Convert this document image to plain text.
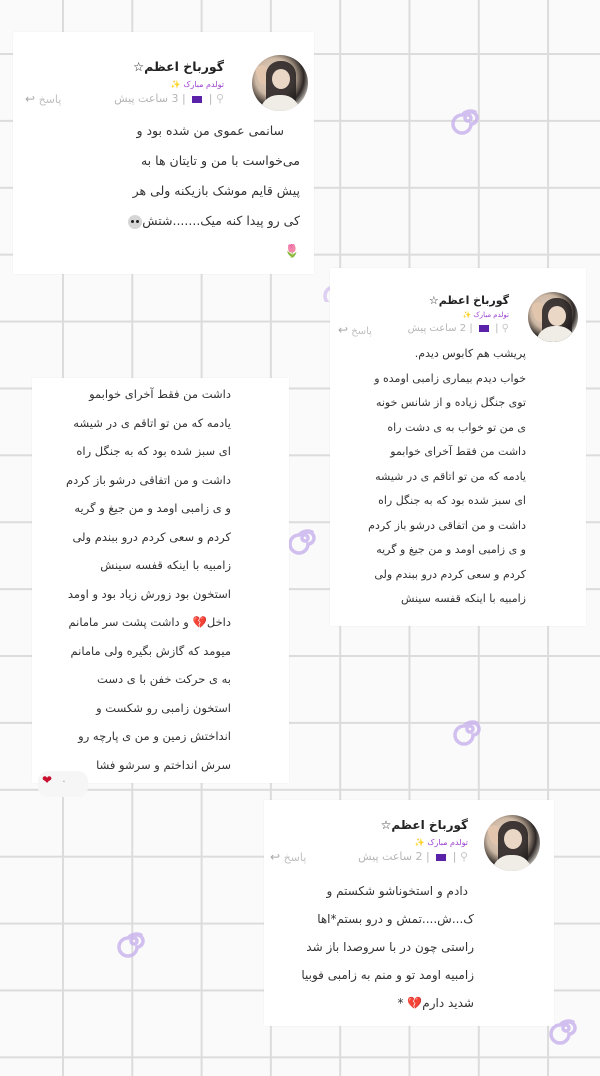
گورباخ اعظم☆
تولدم مبارک ✨
⚲ |  | 3 ساعت پیش
پاسخ ↩
سانمی عموی من شده بود و
می‌خواست با من و تایتان ها به
پیش قایم موشک بازیکنه ولی هر
کی رو پیدا کنه میک.......شتش
🌷
گورباخ اعظم☆
تولدم مبارک ✨
⚲ |  | 2 ساعت پیش
پاسخ ↩
پریشب هم کابوس دیدم.
خواب دیدم بیماری زامبی اومده و
توی جنگل زیاده و از شانس خونه
ی من تو خواب به ی دشت راه
داشت من فقط آخرای خوابمو
یادمه که من تو اتاقم ی در شیشه
ای سبز شده بود که به جنگل راه
داشت و من اتفاقی درشو باز کردم
و ی زامبی اومد و من جیغ و گریه
کردم و سعی کردم درو ببندم ولی
زامبیه با اینکه قفسه سینش
داشت من فقط آخرای خوابمو
یادمه که من تو اتاقم ی در شیشه
ای سبز شده بود که به جنگل راه
داشت و من اتفاقی درشو باز کردم
و ی زامبی اومد و من جیغ و گریه
کردم و سعی کردم درو ببندم ولی
زامبیه با اینکه قفسه سینش
استخون بود زورش زیاد بود و اومد
داخل💔 و داشت پشت سر مامانم
میومد که گازش بگیره ولی مامانم
به ی حرکت خفن با ی دست
استخون زامبی رو شکست و
انداختش زمین و من ی پارچه رو
سرش انداختم و سرشو فشا
❤ ۰
گورباخ اعظم☆
تولدم مبارک ✨
⚲ |  | 2 ساعت پیش
پاسخ ↩
دادم و استخوناشو شکستم و
ک...ش....تمش و درو بستم*اها
راستی چون در با سروصدا باز شد
زامبیه اومد تو و منم به زامبی فوبیا
شدید دارم💔 *
